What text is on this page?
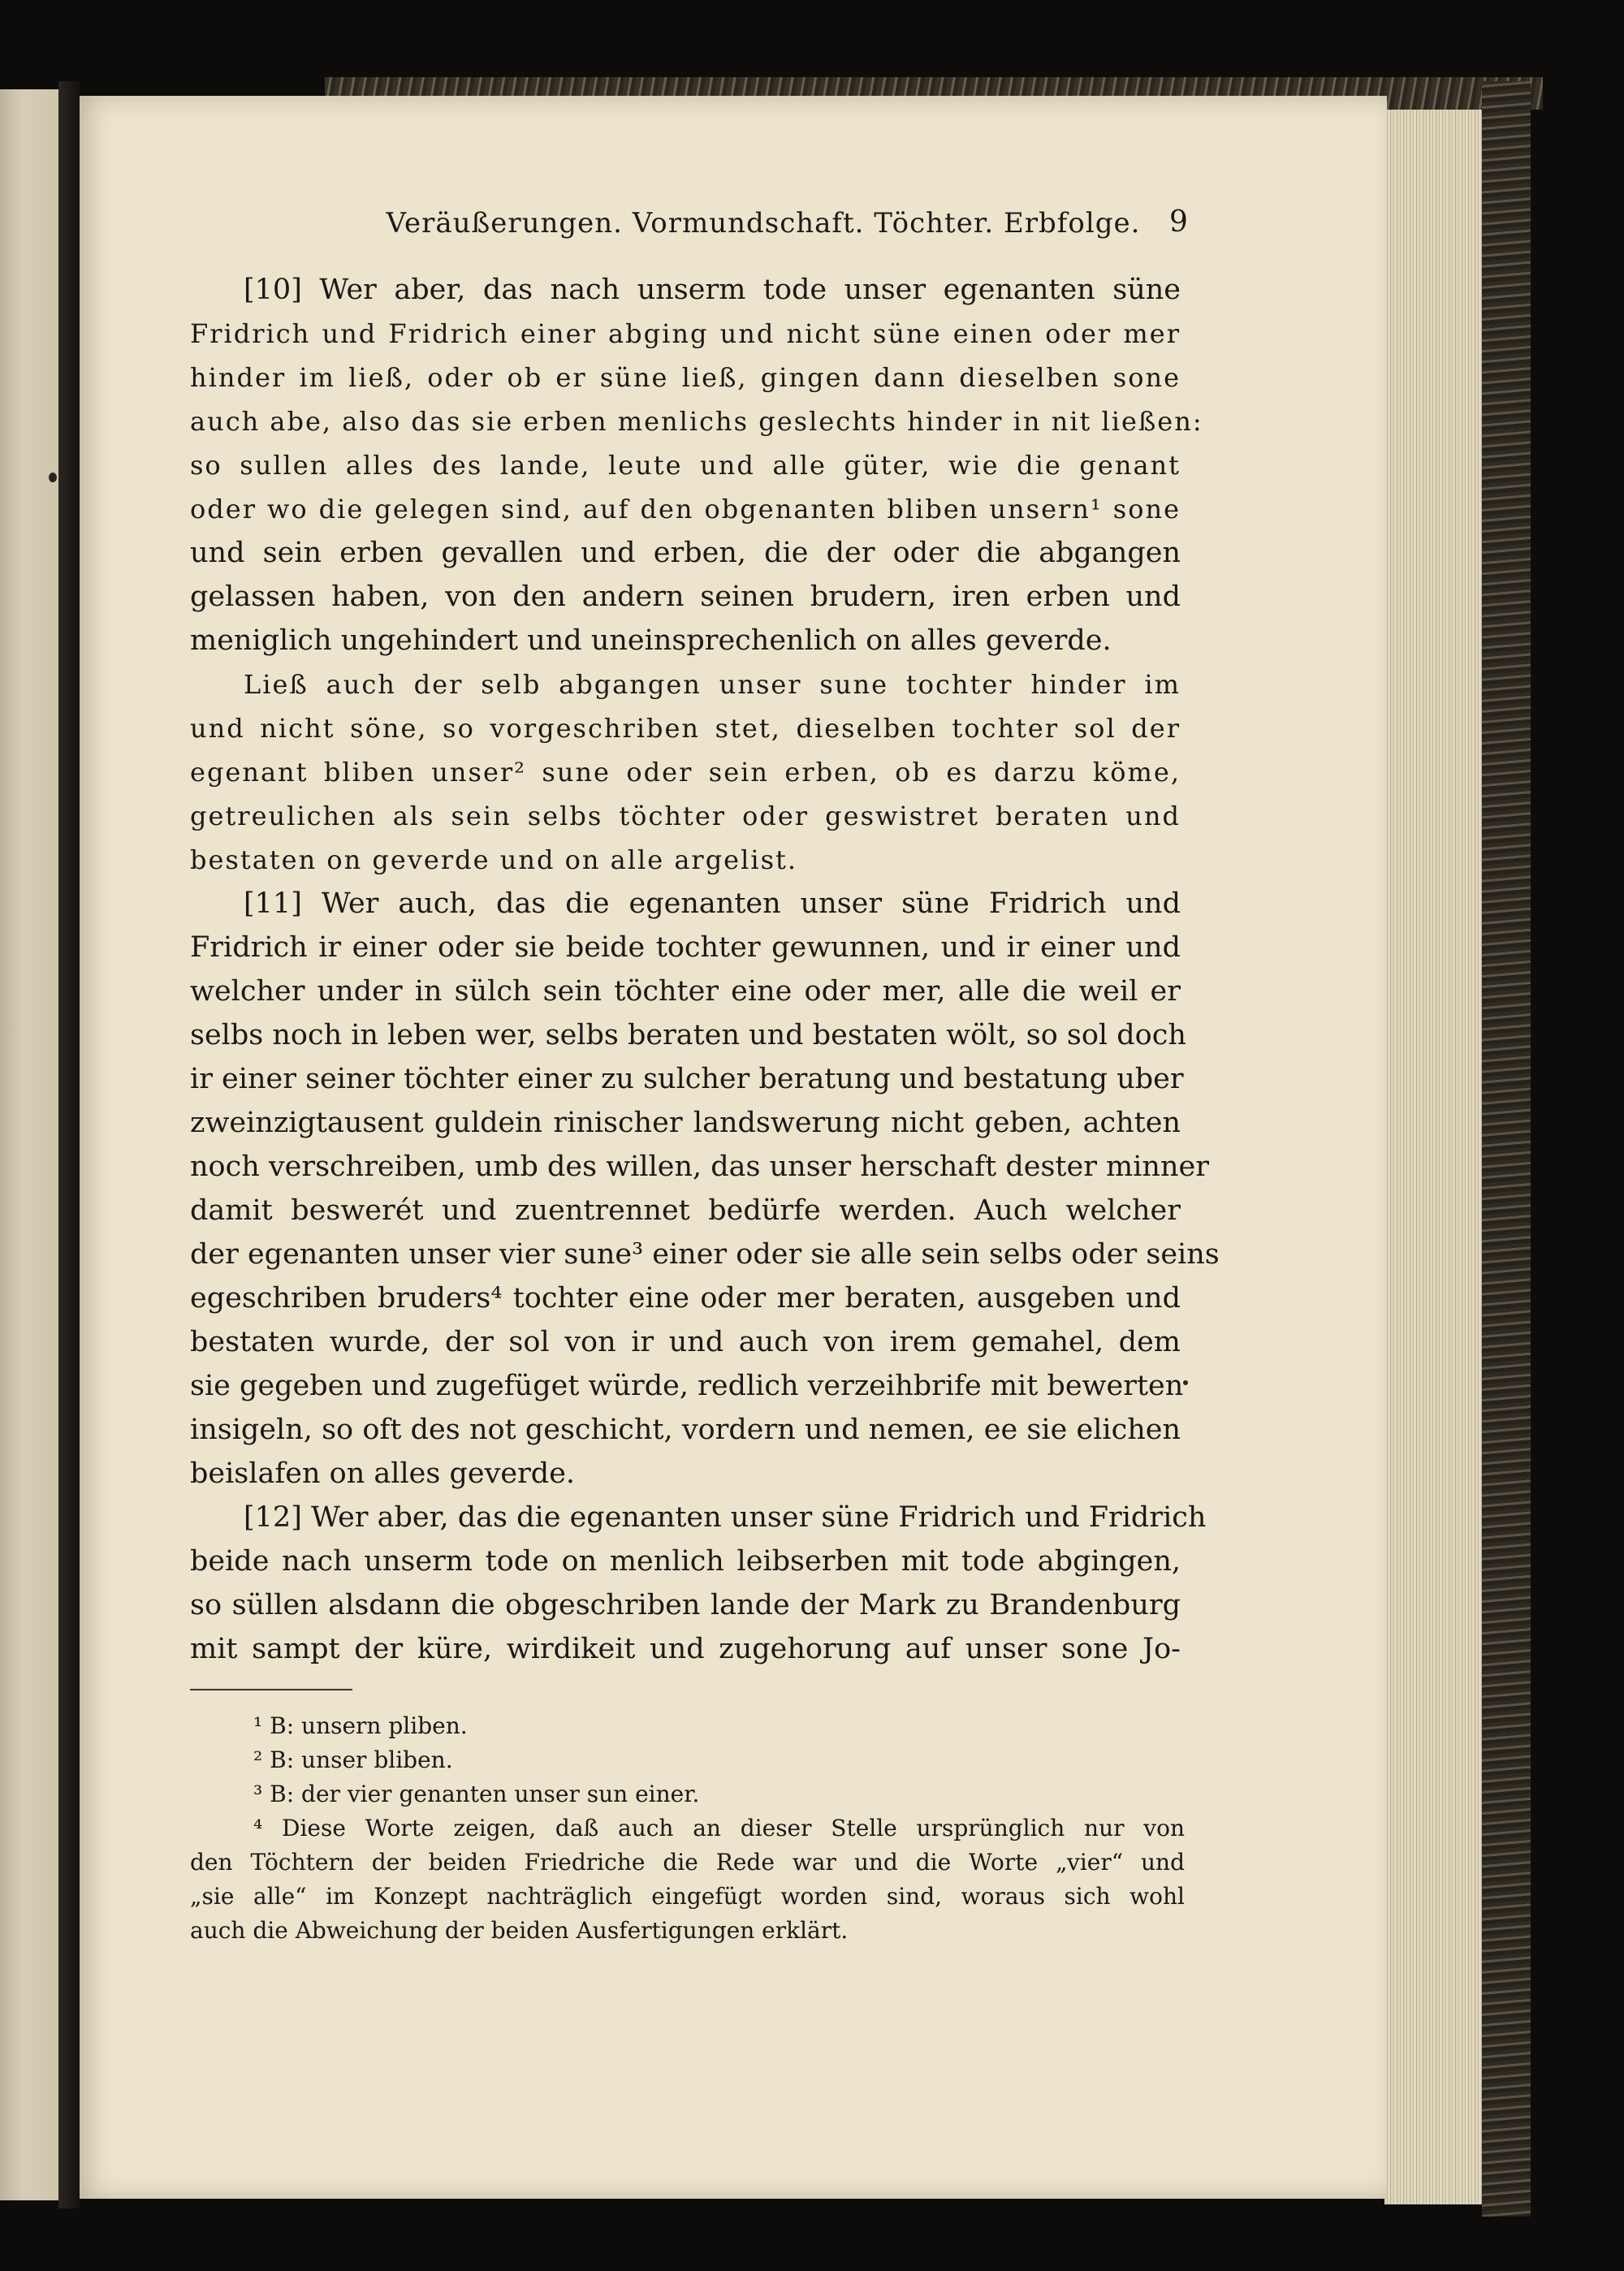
Veräußerungen. Vormundschaft. Töchter. Erbfolge. 9
[10] Wer aber, das nach unserm tode unser egenanten süne
Fridrich und Fridrich einer abging und nicht süne einen oder mer
hinder im ließ, oder ob er süne ließ, gingen dann dieselben sone
auch abe, also das sie erben menlichs geslechts hinder in nit ließen:
so sullen alles des lande, leute und alle güter, wie die genant
oder wo die gelegen sind, auf den obgenanten bliben unsern¹ sone
und sein erben gevallen und erben, die der oder die abgangen
gelassen haben, von den andern seinen brudern, iren erben und
meniglich ungehindert und uneinsprechenlich on alles geverde.
Ließ auch der selb abgangen unser sune tochter hinder im
und nicht söne, so vorgeschriben stet, dieselben tochter sol der
egenant bliben unser² sune oder sein erben, ob es darzu köme,
getreulichen als sein selbs töchter oder geswistret beraten und
bestaten on geverde und on alle argelist.
[11] Wer auch, das die egenanten unser süne Fridrich und
Fridrich ir einer oder sie beide tochter gewunnen, und ir einer und
welcher under in sülch sein töchter eine oder mer, alle die weil er
selbs noch in leben wer, selbs beraten und bestaten wölt, so sol doch
ir einer seiner töchter einer zu sulcher beratung und bestatung uber
zweinzigtausent guldein rinischer landswerung nicht geben, achten
noch verschreiben, umb des willen, das unser herschaft dester minner
damit beswerét und zuentrennet bedürfe werden. Auch welcher
der egenanten unser vier sune³ einer oder sie alle sein selbs oder seins
egeschriben bruders⁴ tochter eine oder mer beraten, ausgeben und
bestaten wurde, der sol von ir und auch von irem gemahel, dem
sie gegeben und zugefüget würde, redlich verzeihbrife mit bewerten
insigeln, so oft des not geschicht, vordern und nemen, ee sie elichen
beislafen on alles geverde.
[12] Wer aber, das die egenanten unser süne Fridrich und Fridrich
beide nach unserm tode on menlich leibserben mit tode abgingen,
so süllen alsdann die obgeschriben lande der Mark zu Brandenburg
mit sampt der küre, wirdikeit und zugehorung auf unser sone Jo-
¹ B: unsern pliben.
² B: unser bliben.
³ B: der vier genanten unser sun einer.
⁴ Diese Worte zeigen, daß auch an dieser Stelle ursprünglich nur von
den Töchtern der beiden Friedriche die Rede war und die Worte „vier“ und
„sie alle“ im Konzept nachträglich eingefügt worden sind, woraus sich wohl
auch die Abweichung der beiden Ausfertigungen erklärt.
